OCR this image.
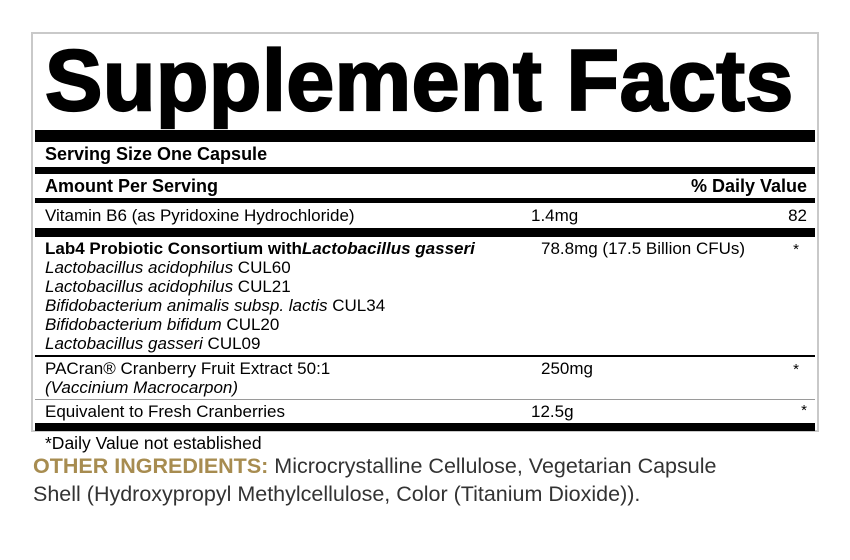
Supplement Facts
Serving Size One Capsule
Amount Per Serving	% Daily Value
Vitamin B6 (as Pyridoxine Hydrochloride)	1.4mg	82
Lab4 Probiotic Consortium withLactobacillus gasseri	78.8mg (17.5 Billion CFUs)	*
Lactobacillus acidophilus CUL60
Lactobacillus acidophilus CUL21
Bifidobacterium animalis subsp. lactis CUL34
Bifidobacterium bifidum CUL20
Lactobacillus gasseri CUL09
PACran® Cranberry Fruit Extract 50:1	250mg	*
(Vaccinium Macrocarpon)
Equivalent to Fresh Cranberries	12.5g	*
*Daily Value not established
OTHER INGREDIENTS: Microcrystalline Cellulose, Vegetarian Capsule Shell (Hydroxypropyl Methylcellulose, Color (Titanium Dioxide)).
